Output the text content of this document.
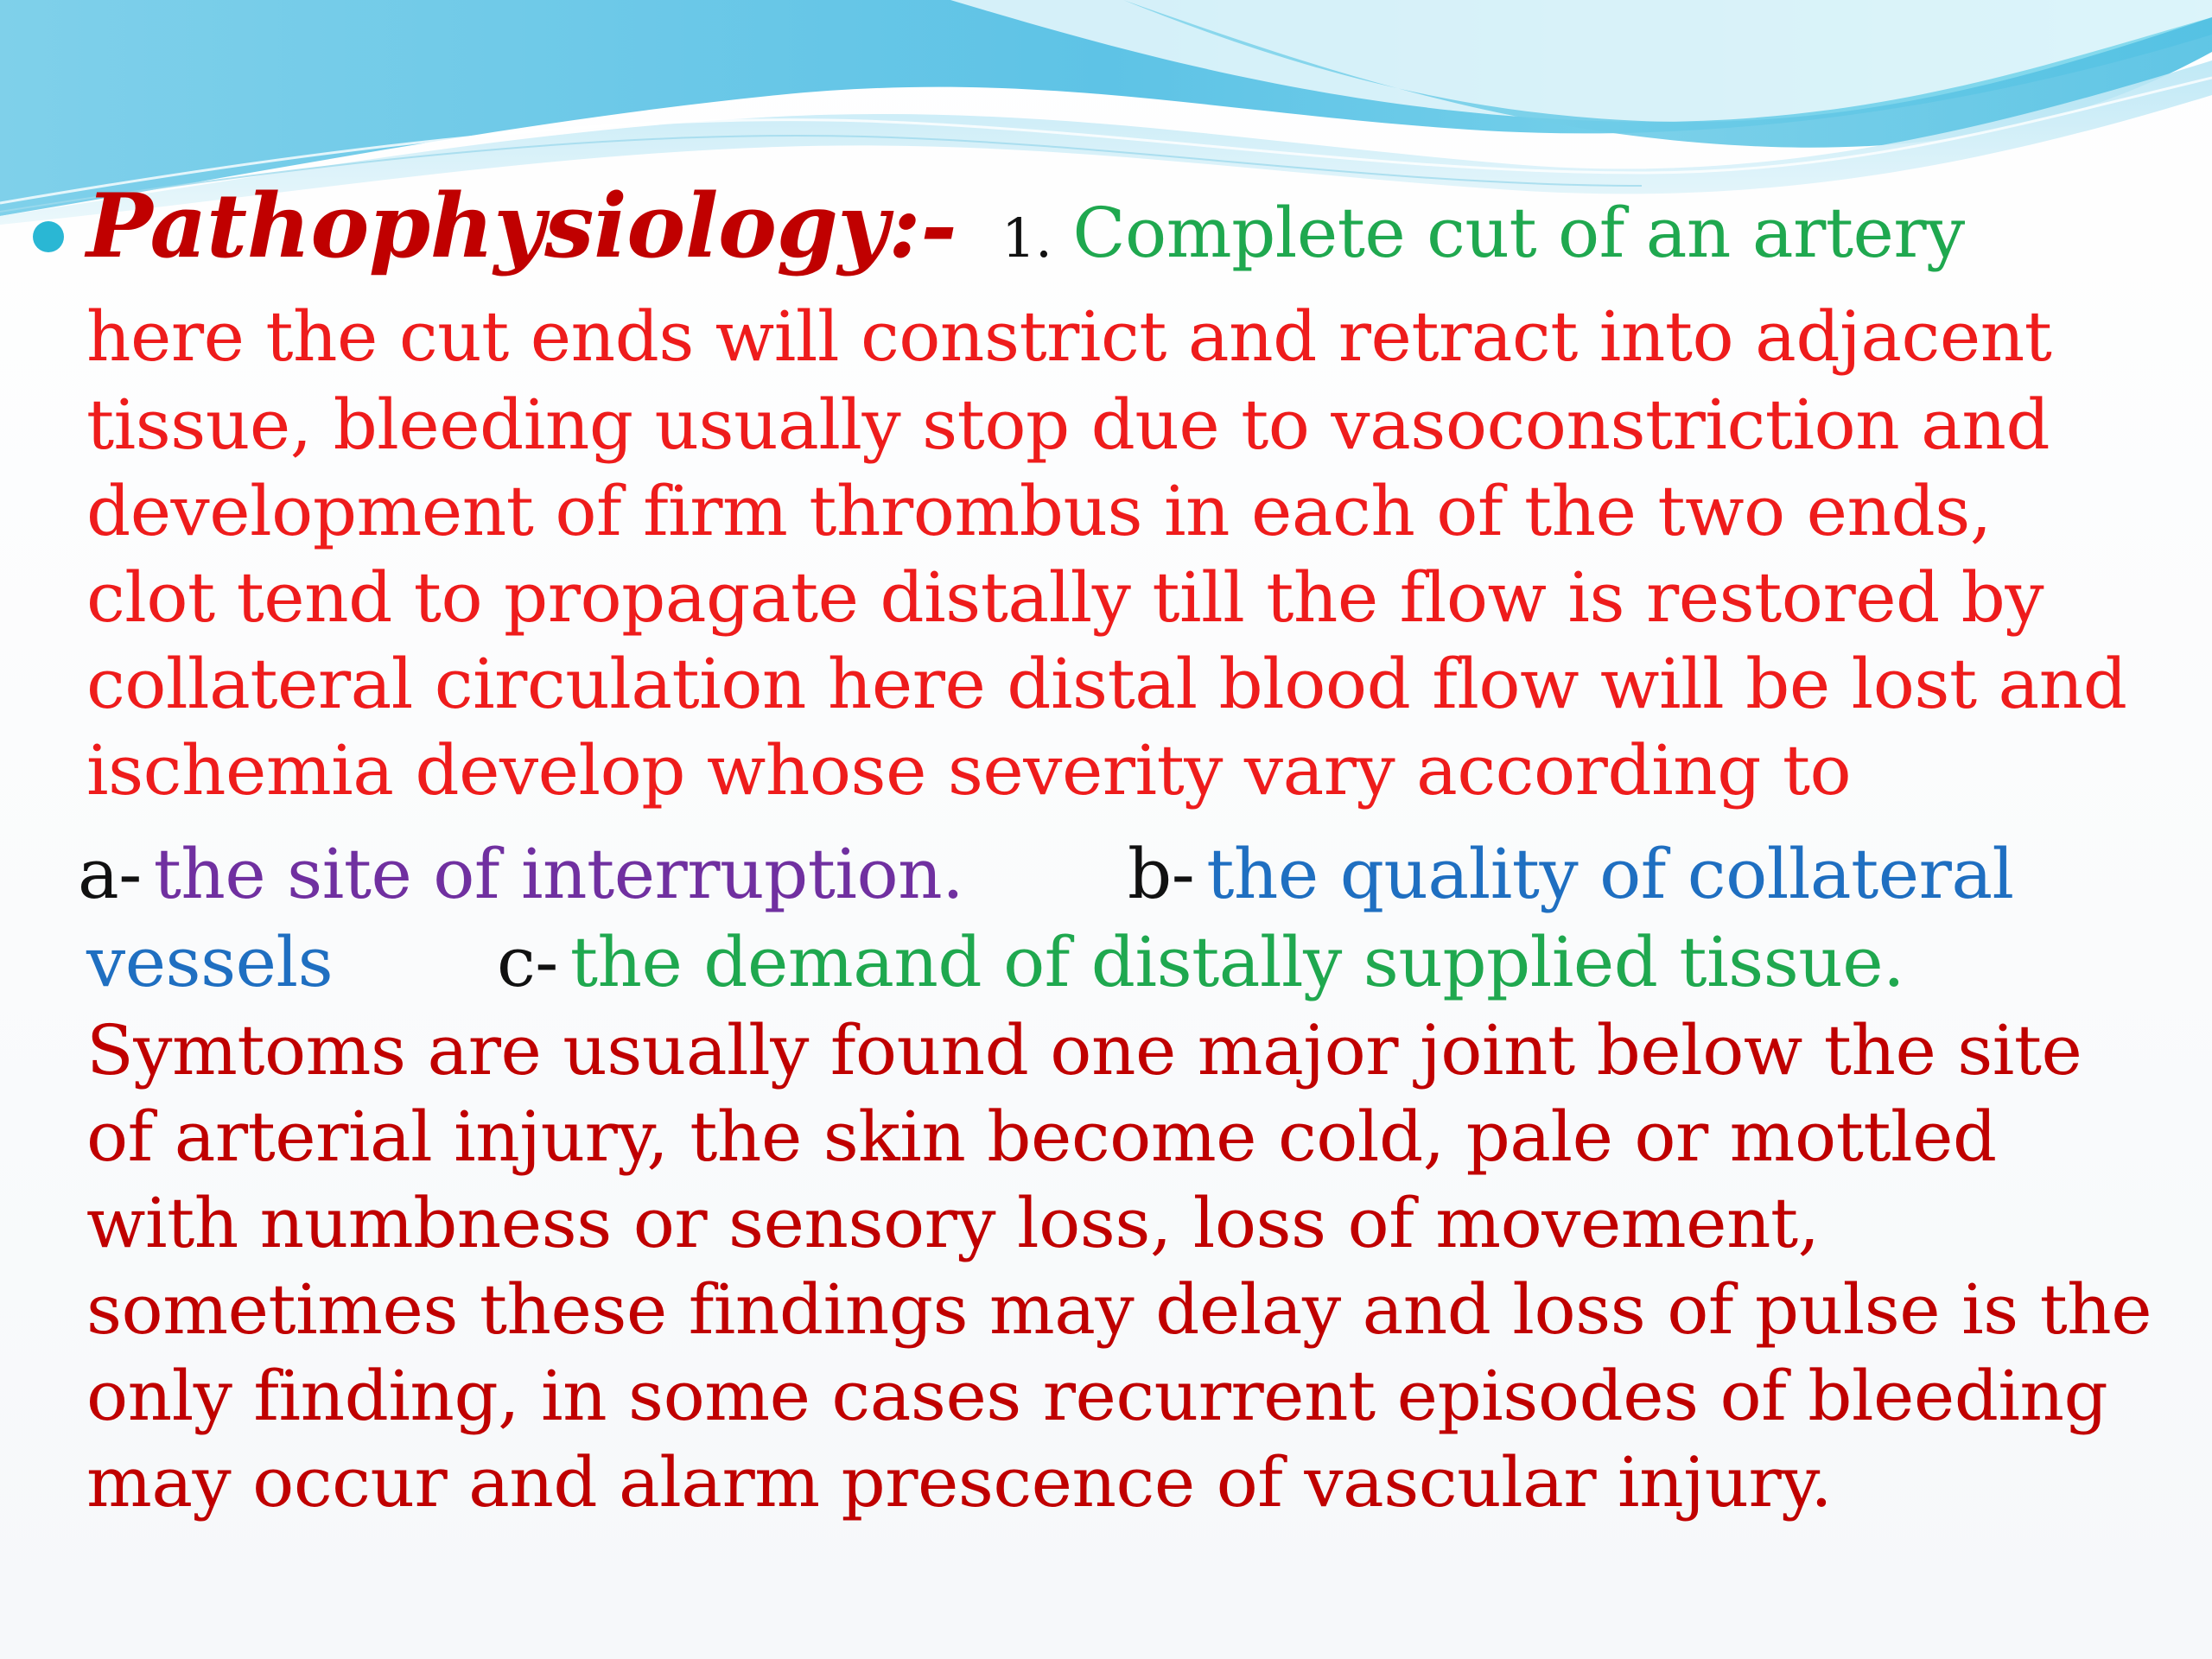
Pathophysiology:- 1. Complete cut of an artery
here the cut ends will constrict and retract into adjacent
tissue, bleeding usually stop due to vasoconstriction and
development of firm thrombus in each of the two ends,
clot tend to propagate distally till the flow is restored by
collateral circulation here distal blood flow will be lost and
ischemia develop whose severity vary according to
a- the site of interruption. b- the quality of collateral
vessels c- the demand of distally supplied tissue.
Symtoms are usually found one major joint below the site
of arterial injury, the skin become cold, pale or mottled
with numbness or sensory loss, loss of movement,
sometimes these findings may delay and loss of pulse is the
only finding, in some cases recurrent episodes of bleeding
may occur and alarm prescence of vascular injury.
